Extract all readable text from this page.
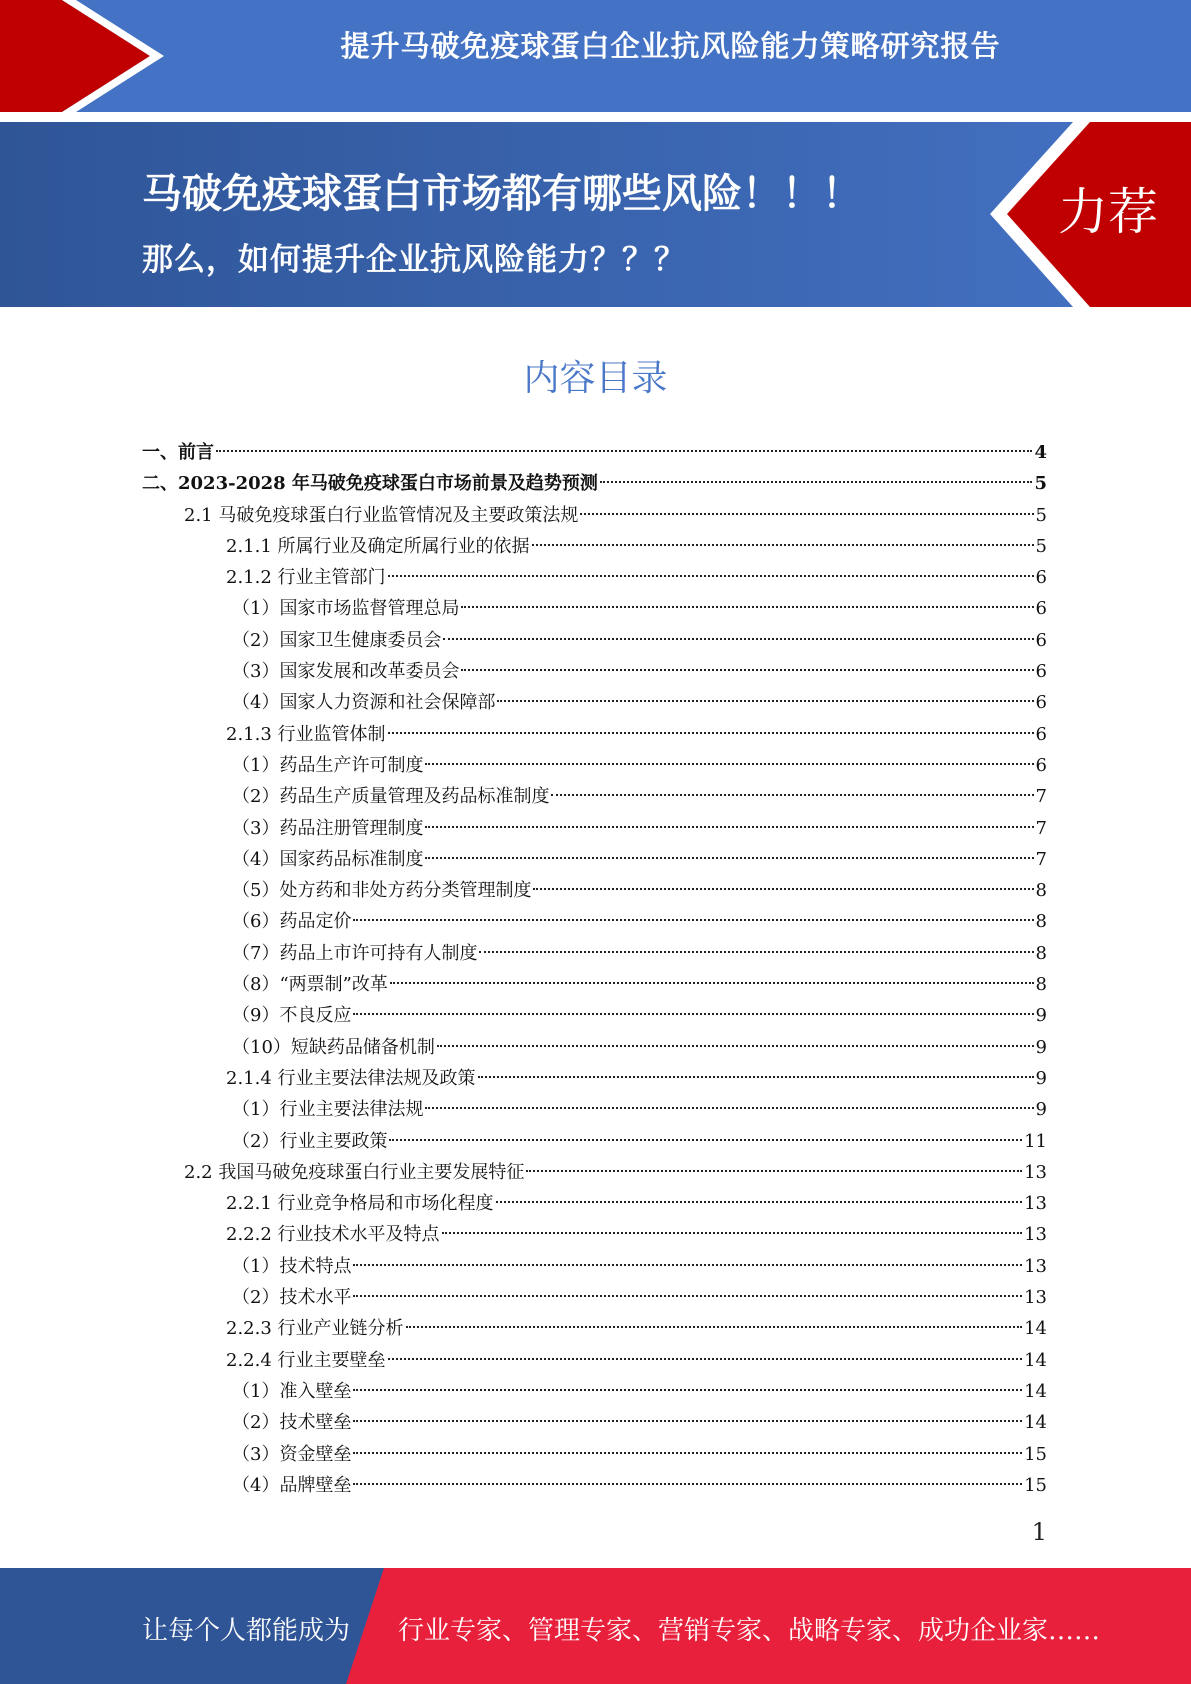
提升马破免疫球蛋白企业抗风险能力策略研究报告
马破免疫球蛋白市场都有哪些风险！！！
那么，如何提升企业抗风险能力？？？
力荐
内容目录
一、前言	4
二、2023-2028 年马破免疫球蛋白市场前景及趋势预测	5
2.1 马破免疫球蛋白行业监管情况及主要政策法规	5
2.1.1 所属行业及确定所属行业的依据	5
2.1.2 行业主管部门	6
（1）国家市场监督管理总局	6
（2）国家卫生健康委员会	6
（3）国家发展和改革委员会	6
（4）国家人力资源和社会保障部	6
2.1.3 行业监管体制	6
（1）药品生产许可制度	6
（2）药品生产质量管理及药品标准制度	7
（3）药品注册管理制度	7
（4）国家药品标准制度	7
（5）处方药和非处方药分类管理制度	8
（6）药品定价	8
（7）药品上市许可持有人制度	8
（8）“两票制”改革	8
（9）不良反应	9
（10）短缺药品储备机制	9
2.1.4 行业主要法律法规及政策	9
（1）行业主要法律法规	9
（2）行业主要政策	11
2.2 我国马破免疫球蛋白行业主要发展特征	13
2.2.1 行业竞争格局和市场化程度	13
2.2.2 行业技术水平及特点	13
（1）技术特点	13
（2）技术水平	13
2.2.3 行业产业链分析	14
2.2.4 行业主要壁垒	14
（1）准入壁垒	14
（2）技术壁垒	14
（3）资金壁垒	15
（4）品牌壁垒	15
1
让每个人都能成为 行业专家、管理专家、营销专家、战略专家、成功企业家……
